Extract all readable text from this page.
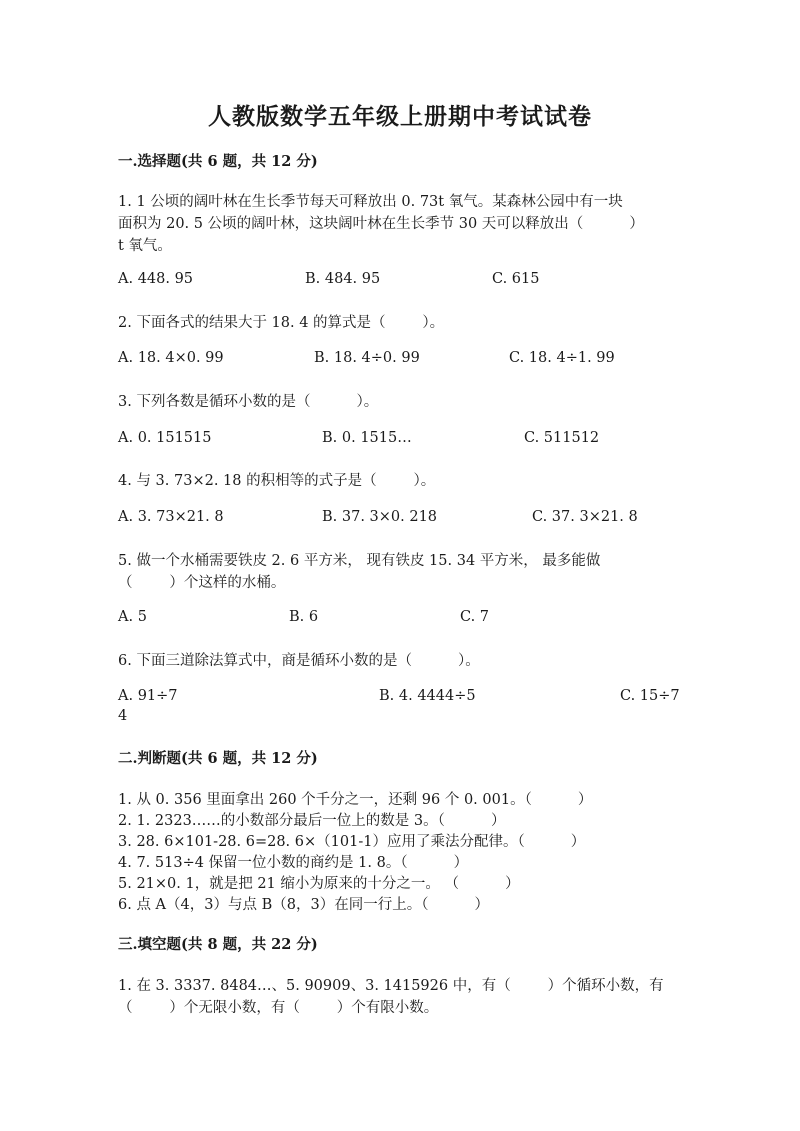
人教版数学五年级上册期中考试试卷
一.选择题(共 6 题，共 12 分)
1. 1 公顷的阔叶林在生长季节每天可释放出 0. 73t 氧气。某森林公园中有一块
面积为 20. 5 公顷的阔叶林，这块阔叶林在生长季节 30 天可以释放出（          ）
t 氧气。
A. 448. 95	B. 484. 95	C. 615
2. 下面各式的结果大于 18. 4 的算式是（        ）。
A. 18. 4×0. 99	B. 18. 4÷0. 99	C. 18. 4÷1. 99
3. 下列各数是循环小数的是（          ）。
A. 0. 151515	B. 0. 1515…	C. 511512
4. 与 3. 73×2. 18 的积相等的式子是（        ）。
A. 3. 73×21. 8	B. 37. 3×0. 218	C. 37. 3×21. 8
5. 做一个水桶需要铁皮 2. 6 平方米， 现有铁皮 15. 34 平方米， 最多能做
（        ）个这样的水桶。
A. 5	B. 6	C. 7
6. 下面三道除法算式中，商是循环小数的是（          ）。
A. 91÷7	B. 4. 4444÷5	C. 15÷7
4
二.判断题(共 6 题，共 12 分)
1. 从 0. 356 里面拿出 260 个千分之一，还剩 96 个 0. 001。（          ）
2. 1. 2323……的小数部分最后一位上的数是 3。（          ）
3. 28. 6×101-28. 6=28. 6×（101-1）应用了乘法分配律。（          ）
4. 7. 513÷4 保留一位小数的商约是 1. 8。（          ）
5. 21×0. 1，就是把 21 缩小为原来的十分之一。 （          ）
6. 点 A（4，3）与点 B（8，3）在同一行上。（          ）
三.填空题(共 8 题，共 22 分)
1. 在 3. 3337. 8484…、5. 90909、3. 1415926 中，有（        ）个循环小数，有
（        ）个无限小数，有（        ）个有限小数。
